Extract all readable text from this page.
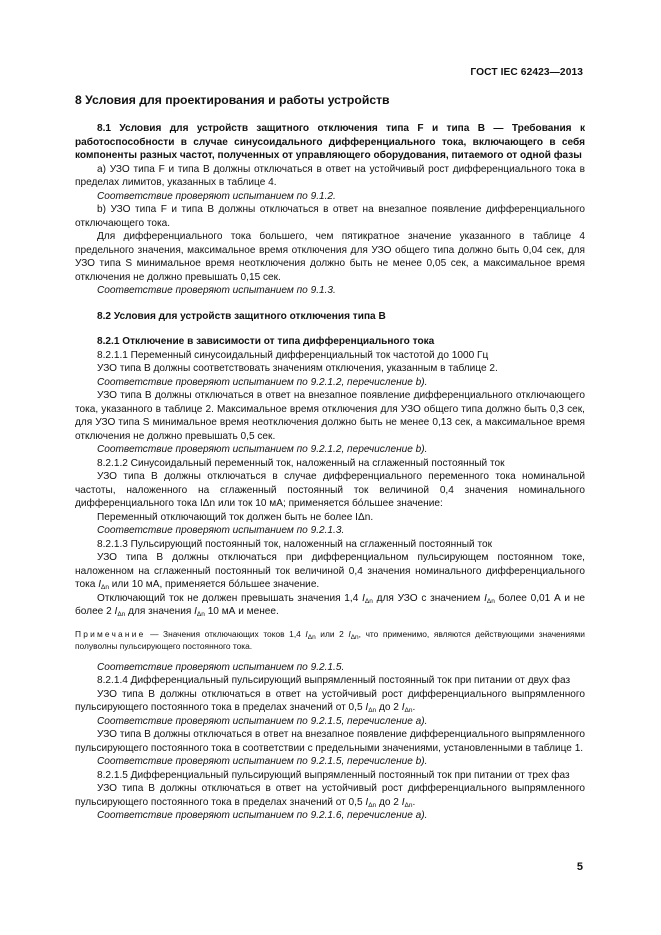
ГОСТ IEC 62423—2013
8 Условия для проектирования и работы устройств

8.1 Условия для устройств защитного отключения типа F и типа B — Требования к работоспособности в случае синусоидального дифференциального тока, включающего в себя компоненты разных частот, полученных от управляющего оборудования, питаемого от одной фазы

a) УЗО типа F и типа B должны отключаться в ответ на устойчивый рост дифференциального тока в пределах лимитов, указанных в таблице 4.

Соответствие проверяют испытанием по 9.1.2.

b) УЗО типа F и типа B должны отключаться в ответ на внезапное появление дифференциального отключающего тока.

Для дифференциального тока большего, чем пятикратное значение указанного в таблице 4 предельного значения, максимальное время отключения для УЗО общего типа должно быть 0,04 сек, для УЗО типа S минимальное время неотключения должно быть не менее 0,05 сек, а максимальное время отключения не должно превышать 0,15 сек.

Соответствие проверяют испытанием по 9.1.3.

8.2 Условия для устройств защитного отключения типа B

8.2.1 Отключение в зависимости от типа дифференциального тока

8.2.1.1 Переменный синусоидальный дифференциальный ток частотой до 1000 Гц

УЗО типа B должны соответствовать значениям отключения, указанным в таблице 2.

Соответствие проверяют испытанием по 9.2.1.2, перечисление b).

УЗО типа B должны отключаться в ответ на внезапное появление дифференциального отключающего тока, указанного в таблице 2. Максимальное время отключения для УЗО общего типа должно быть 0,3 сек, для УЗО типа S минимальное время неотключения должно быть не менее 0,13 сек, а максимальное время отключения не должно превышать 0,5 сек.

Соответствие проверяют испытанием по 9.2.1.2, перечисление b).

8.2.1.2 Синусоидальный переменный ток, наложенный на сглаженный постоянный ток

УЗО типа B должны отключаться в случае дифференциального переменного тока номинальной частоты, наложенного на сглаженный постоянный ток величиной 0,4 значения номинального дифференциального тока IΔn или ток 10 мА; применяется бо́льшее значение:

Переменный отключающий ток должен быть не более IΔn.

Соответствие проверяют испытанием по 9.2.1.3.

8.2.1.3 Пульсирующий постоянный ток, наложенный на сглаженный постоянный ток

УЗО типа B должны отключаться при дифференциальном пульсирующем постоянном токе, наложенном на сглаженный постоянный ток величиной 0,4 значения номинального дифференциального тока $I_{\Delta n}$ или 10 мА, применяется бо́льшее значение.

Отключающий ток не должен превышать значения 1,4 $I_{\Delta n}$ для УЗО с значением $I_{\Delta n}$ более 0,01 А и не более 2 $I_{\Delta n}$ для значения $I_{\Delta n}$ 10 мА и менее.

Примечание — Значения отключающих токов 1,4 $I_{\Delta n}$ или 2 $I_{\Delta n}$, что применимо, являются действующими значениями полуволны пульсирующего постоянного тока.

Соответствие проверяют испытанием по 9.2.1.5.

8.2.1.4 Дифференциальный пульсирующий выпрямленный постоянный ток при питании от двух фаз

УЗО типа B должны отключаться в ответ на устойчивый рост дифференциального выпрямленного пульсирующего постоянного тока в пределах значений от 0,5 $I_{\Delta n}$ до 2 $I_{\Delta n}$.

Соответствие проверяют испытанием по 9.2.1.5, перечисление a).

УЗО типа B должны отключаться в ответ на внезапное появление дифференциального выпрямленного пульсирующего постоянного тока в соответствии с предельными значениями, установленными в таблице 1.

Соответствие проверяют испытанием по 9.2.1.5, перечисление b).

8.2.1.5 Дифференциальный пульсирующий выпрямленный постоянный ток при питании от трех фаз

УЗО типа B должны отключаться в ответ на устойчивый рост дифференциального выпрямленного пульсирующего постоянного тока в пределах значений от 0,5 $I_{\Delta n}$ до 2 $I_{\Delta n}$.

Соответствие проверяют испытанием по 9.2.1.6, перечисление a).

5
